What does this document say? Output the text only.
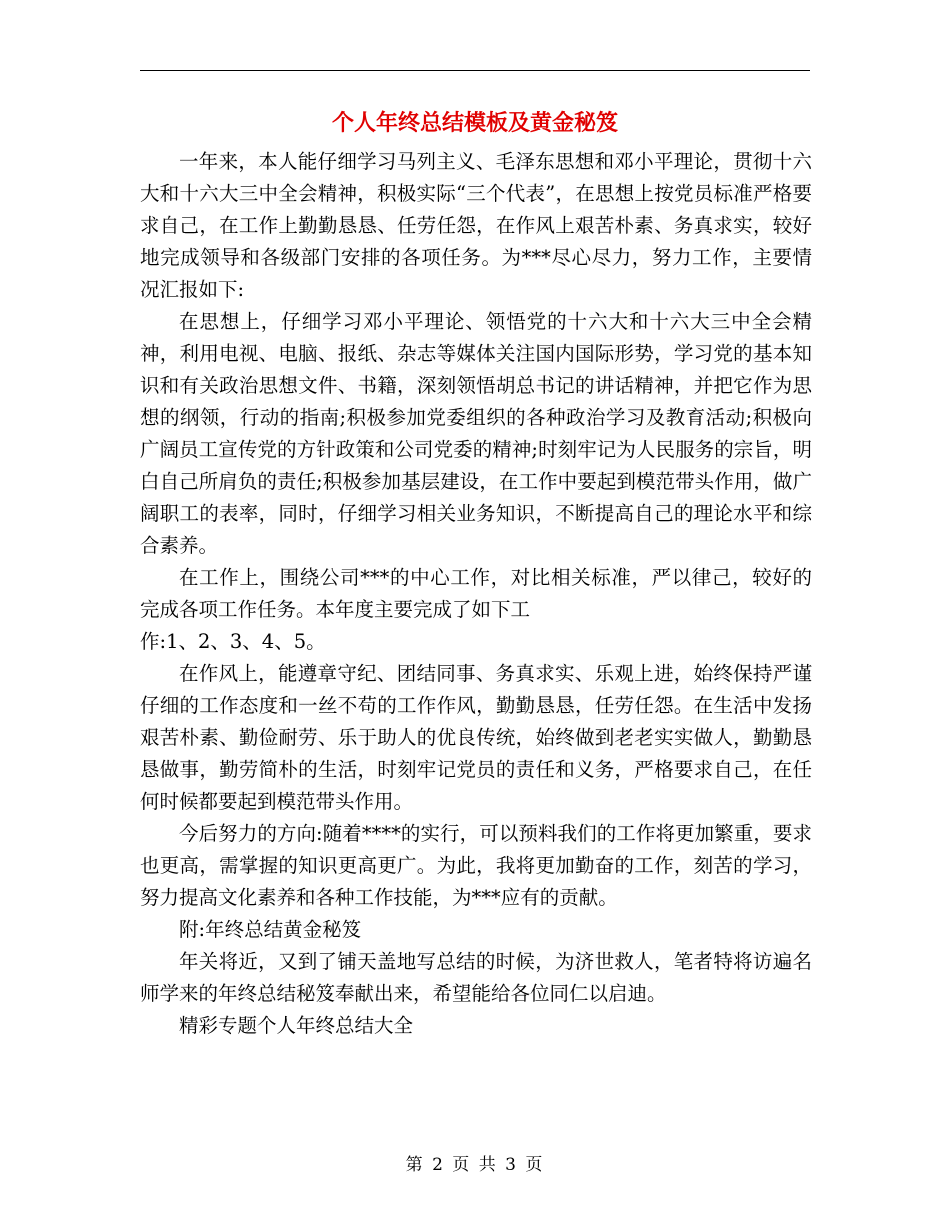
个人年终总结模板及黄金秘笈

一年来，本人能仔细学习马列主义、毛泽东思想和邓小平理论，贯彻十六大和十六大三中全会精神，积极实际“三个代表”，在思想上按党员标准严格要求自己，在工作上勤勤恳恳、任劳任怨，在作风上艰苦朴素、务真求实，较好地完成领导和各级部门安排的各项任务。为***尽心尽力，努力工作，主要情况汇报如下:

在思想上，仔细学习邓小平理论、领悟党的十六大和十六大三中全会精神，利用电视、电脑、报纸、杂志等媒体关注国内国际形势，学习党的基本知识和有关政治思想文件、书籍，深刻领悟胡总书记的讲话精神，并把它作为思想的纲领，行动的指南;积极参加党委组织的各种政治学习及教育活动;积极向广阔员工宣传党的方针政策和公司党委的精神;时刻牢记为人民服务的宗旨，明白自己所肩负的责任;积极参加基层建设，在工作中要起到模范带头作用，做广阔职工的表率，同时，仔细学习相关业务知识，不断提高自己的理论水平和综合素养。

在工作上，围绕公司***的中心工作，对比相关标准，严以律己，较好的完成各项工作任务。本年度主要完成了如下工

作:1、2、3、4、5。

在作风上，能遵章守纪、团结同事、务真求实、乐观上进，始终保持严谨仔细的工作态度和一丝不苟的工作作风，勤勤恳恳，任劳任怨。在生活中发扬艰苦朴素、勤俭耐劳、乐于助人的优良传统，始终做到老老实实做人，勤勤恳恳做事，勤劳简朴的生活，时刻牢记党员的责任和义务，严格要求自己，在任何时候都要起到模范带头作用。

今后努力的方向:随着****的实行，可以预料我们的工作将更加繁重，要求也更高，需掌握的知识更高更广。为此，我将更加勤奋的工作，刻苦的学习，努力提高文化素养和各种工作技能，为***应有的贡献。

附:年终总结黄金秘笈

年关将近，又到了铺天盖地写总结的时候，为济世救人，笔者特将访遍名师学来的年终总结秘笈奉献出来，希望能给各位同仁以启迪。

精彩专题个人年终总结大全

第 2 页 共 3 页
